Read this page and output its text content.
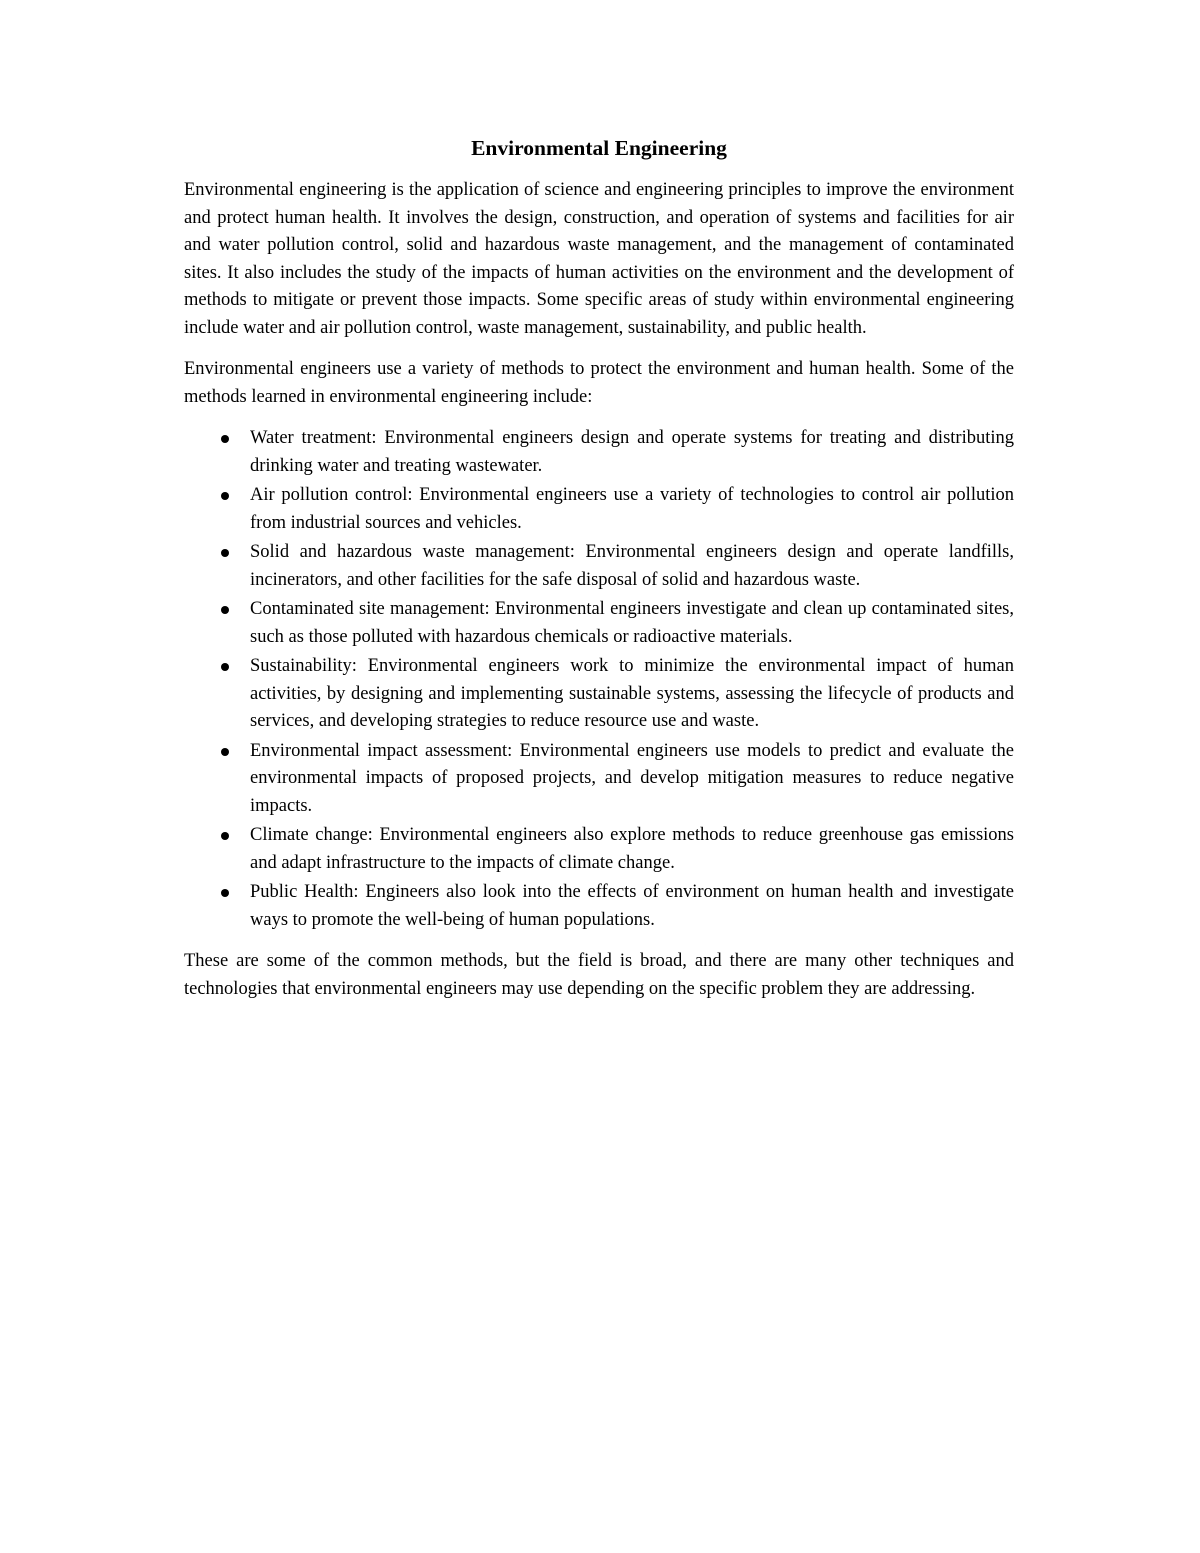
Environmental Engineering

Environmental engineering is the application of science and engineering principles to improve the environment and protect human health. It involves the design, construction, and operation of systems and facilities for air and water pollution control, solid and hazardous waste management, and the management of contaminated sites. It also includes the study of the impacts of human activities on the environment and the development of methods to mitigate or prevent those impacts. Some specific areas of study within environmental engineering include water and air pollution control, waste management, sustainability, and public health.

Environmental engineers use a variety of methods to protect the environment and human health. Some of the methods learned in environmental engineering include:

Water treatment: Environmental engineers design and operate systems for treating and distributing drinking water and treating wastewater.
Air pollution control: Environmental engineers use a variety of technologies to control air pollution from industrial sources and vehicles.
Solid and hazardous waste management: Environmental engineers design and operate landfills, incinerators, and other facilities for the safe disposal of solid and hazardous waste.
Contaminated site management: Environmental engineers investigate and clean up contaminated sites, such as those polluted with hazardous chemicals or radioactive materials.
Sustainability: Environmental engineers work to minimize the environmental impact of human activities, by designing and implementing sustainable systems, assessing the lifecycle of products and services, and developing strategies to reduce resource use and waste.
Environmental impact assessment: Environmental engineers use models to predict and evaluate the environmental impacts of proposed projects, and develop mitigation measures to reduce negative impacts.
Climate change: Environmental engineers also explore methods to reduce greenhouse gas emissions and adapt infrastructure to the impacts of climate change.
Public Health: Engineers also look into the effects of environment on human health and investigate ways to promote the well-being of human populations.

These are some of the common methods, but the field is broad, and there are many other techniques and technologies that environmental engineers may use depending on the specific problem they are addressing.
